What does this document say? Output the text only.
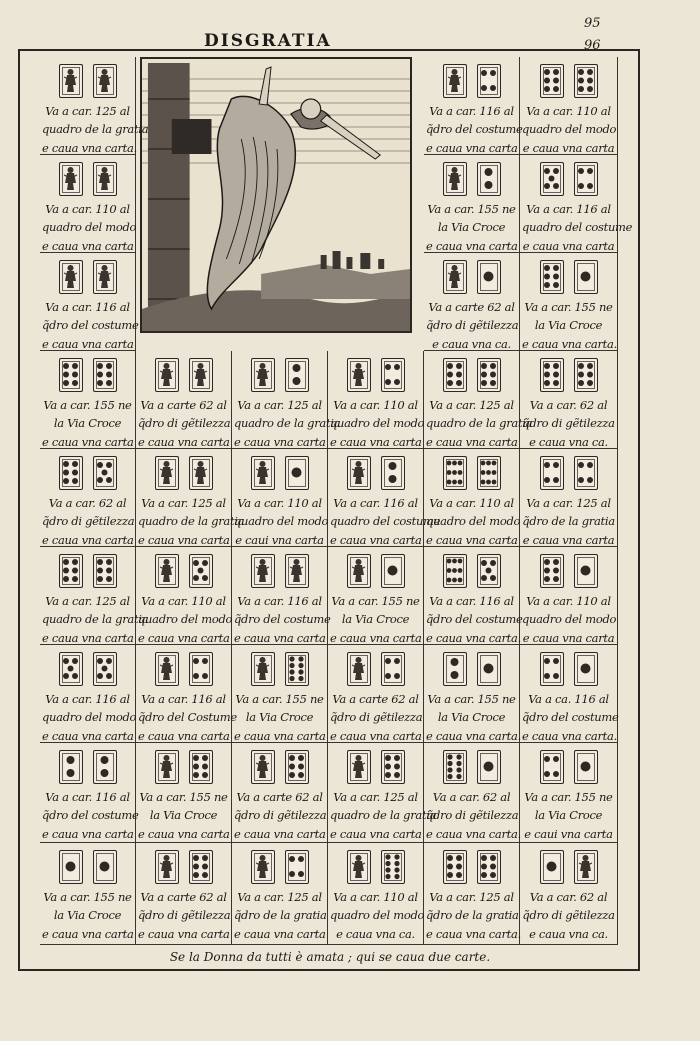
95
96
DISGRATIA
Va a car. 125 al
quadro de la gratia
e caua vna carta.
Va a car. 110 al
quadro del modo
e caua vna carta
Va a car. 116 al
q̃dro del costume
e caua vna carta
Va a car. 116 al
q̃dro del costume
e caua vna carta
Va a car. 110 al
quadro del modo
e caua vna carta
Va a car. 155 ne
la Via Croce
e caua vna carta
Va a car. 116 al
quadro del costume
e caua vna carta
Va a carte 62 al
q̃dro di gẽtilezza
e caua vna ca.
Va a car. 155 ne
la Via Croce
e caua vna carta.
Va a car. 155 ne
la Via Croce
e caua vna carta
Va a carte 62 al
q̃dro di gẽtilezza
e caua vna carta
Va a car. 125 al
quadro de la gratia
e caua vna carta
Va a car. 110 al
quadro del modo
e caua vna carta
Va a car. 125 al
quadro de la gratia
e caua vna carta
Va a car. 62 al
q̃dro di gẽtilezza
e caua vna ca.
Va a car. 62 al
q̃dro di gẽtilezza
e caua vna carta
Va a car. 125 al
quadro de la gratia
e caua vna carta
Va a car. 110 al
quadro del modo
e caui vna carta
Va a car. 116 al
quadro del costume
e caua vna carta
Va a car. 110 al
quadro del modo
e caua vna carta
Va a car. 125 al
q̃dro de la gratia
e caua vna carta
Va a car. 125 al
quadro de la gratia
e caua vna carta
Va a car. 110 al
quadro del modo
e caua vna carta
Va a car. 116 al
q̃dro del costume
e caua vna carta
Va a car. 155 ne
la Via Croce
e caua vna carta
Va a car. 116 al
q̃dro del costume
e caua vna carta.
Va a car. 110 al
quadro del modo
e caua vna carta
Va a car. 116 al
quadro del modo
e caua vna carta
Va a car. 116 al
q̃dro del Costume
e caua vna carta
Va a car. 155 ne
la Via Croce
e caua vna carta
Va a carte 62 al
q̃dro di gẽtilezza
e caua vna carta
Va a car. 155 ne
la Via Croce
e caua vna carta.
Va a ca. 116 al
q̃dro del costume
e caua vna carta.
Va a car. 116 al
q̃dro del costume
e caua vna carta
Va a car. 155 ne
la Via Croce
e caua vna carta
Va a carte 62 al
q̃dro di gẽtilezza
e caua vna carta
Va a car. 125 al
quadro de la gratia
e caua vna carta
Va a car. 62 al
q̃dro di gẽtilezza
e caua vna carta.
Va a car. 155 ne
la Via Croce
e caui vna carta
Va a car. 155 ne
la Via Croce
e caua vna carta
Va a carte 62 al
q̃dro di gẽtilezza
e caua vna carta
Va a car. 125 al
q̃dro de la gratia
e caua vna carta
Va a car. 110 al
quadro del modo
e caua vna ca.
Va a car. 125 al
q̃dro de la gratia
e caua vna carta.
Va a car. 62 al
q̃dro di gẽtilezza
e caua vna ca.
Se la Donna da tutti è amata ; qui se caua due carte.
